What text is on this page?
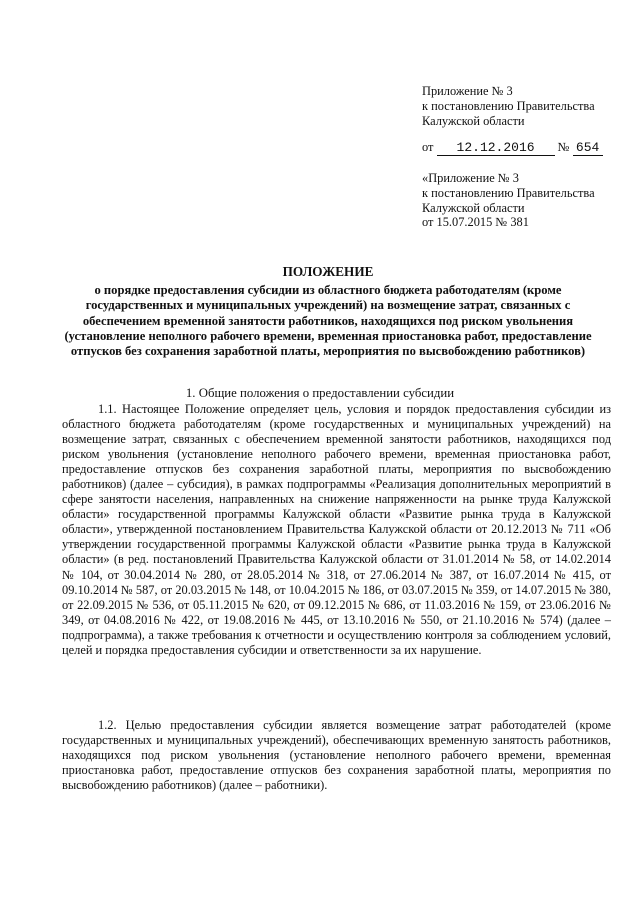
Приложение № 3
к постановлению Правительства
Калужской области
от 12.12.2016 № 654
«Приложение № 3
к постановлению Правительства
Калужской области
от 15.07.2015 № 381
ПОЛОЖЕНИЕ
о порядке предоставления субсидии из областного бюджета работодателям (кроме государственных и муниципальных учреждений) на возмещение затрат, связанных с обеспечением временной занятости работников, находящихся под риском увольнения (установление неполного рабочего времени, временная приостановка работ, предоставление отпусков без сохранения заработной платы, мероприятия по высвобождению работников)
1. Общие положения о предоставлении субсидии

1.1. Настоящее Положение определяет цель, условия и порядок предоставления субсидии из областного бюджета работодателям (кроме государственных и муниципальных учреждений) на возмещение затрат, связанных с обеспечением временной занятости работников, находящихся под риском увольнения (установление неполного рабочего времени, временная приостановка работ, предоставление отпусков без сохранения заработной платы, мероприятия по высвобождению работников) (далее – субсидия), в рамках подпрограммы «Реализация дополнительных мероприятий в сфере занятости населения, направленных на снижение напряженности на рынке труда Калужской области» государственной программы Калужской области «Развитие рынка труда в Калужской области», утвержденной постановлением Правительства Калужской области от 20.12.2013 № 711 «Об утверждении государственной программы Калужской области «Развитие рынка труда в Калужской области» (в ред. постановлений Правительства Калужской области от 31.01.2014 № 58, от 14.02.2014 № 104, от 30.04.2014 № 280, от 28.05.2014 № 318, от 27.06.2014 № 387, от 16.07.2014 № 415, от 09.10.2014 № 587, от 20.03.2015 № 148, от 10.04.2015 № 186, от 03.07.2015 № 359, от 14.07.2015 № 380, от 22.09.2015 № 536, от 05.11.2015 № 620, от 09.12.2015 № 686, от 11.03.2016 № 159, от 23.06.2016 № 349, от 04.08.2016 № 422, от 19.08.2016 № 445, от 13.10.2016 № 550, от 21.10.2016 № 574) (далее – подпрограмма), а также требования к отчетности и осуществлению контроля за соблюдением условий, целей и порядка предоставления субсидии и ответственности за их нарушение.

1.2. Целью предоставления субсидии является возмещение затрат работодателей (кроме государственных и муниципальных учреждений), обеспечивающих временную занятость работников, находящихся под риском увольнения (установление неполного рабочего времени, временная приостановка работ, предоставление отпусков без сохранения заработной платы, мероприятия по высвобождению работников) (далее – работники).
